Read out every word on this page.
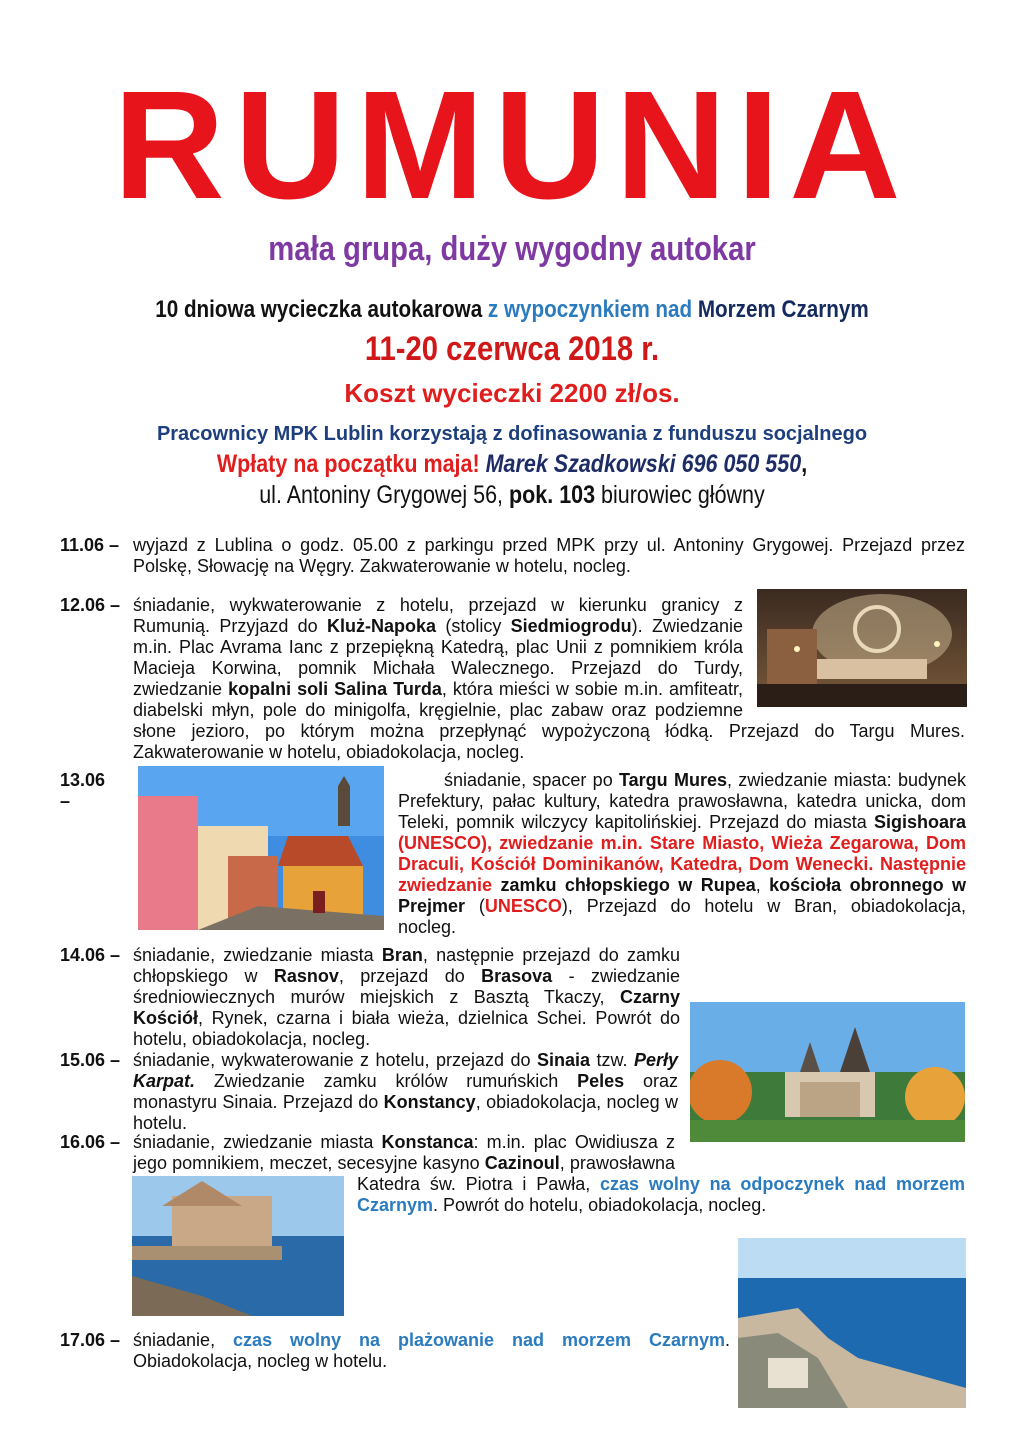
RUMUNIA
mała grupa, duży wygodny autokar
10 dniowa wycieczka autokarowa z wypoczynkiem nad Morzem Czarnym
11-20 czerwca 2018 r.
Koszt wycieczki 2200 zł/os.
Pracownicy MPK Lublin korzystają z dofinasowania z funduszu socjalnego
Wpłaty na początku maja! Marek Szadkowski 696 050 550,
ul. Antoniny Grygowej 56, pok. 103 biurowiec główny
11.06 – wyjazd z Lublina o godz. 05.00 z parkingu przed MPK przy ul. Antoniny Grygowej. Przejazd przez Polskę, Słowację na Węgry. Zakwaterowanie w hotelu, nocleg.
12.06 – śniadanie, wykwaterowanie z hotelu, przejazd w kierunku granicy z Rumunią. Przyjazd do Kluż-Napoka (stolicy Siedmiogrodu). Zwiedzanie m.in. Plac Avrama Ianc z przepiękną Katedrą, plac Unii z pomnikiem króla Macieja Korwina, pomnik Michała Walecznego. Przejazd do Turdy, zwiedzanie kopalni soli Salina Turda, która mieści w sobie m.in. amfiteatr, diabelski młyn, pole do minigolfa, kręgielnie, plac zabaw oraz podziemne słone jezioro, po którym można przepłynąć wypożyczoną łódką. Przejazd do Targu Mures. Zakwaterowanie w hotelu, obiadokolacja, nocleg.
13.06 –
śniadanie, spacer po Targu Mures, zwiedzanie miasta: budynek Prefektury, pałac kultury, katedra prawosławna, katedra unicka, dom Teleki, pomnik wilczycy kapitolińskiej. Przejazd do miasta Sigishoara (UNESCO), zwiedzanie m.in. Stare Miasto, Wieża Zegarowa, Dom Draculi, Kościół Dominikanów, Katedra, Dom Wenecki. Następnie zwiedzanie zamku chłopskiego w Rupea, kościoła obronnego w Prejmer (UNESCO), Przejazd do hotelu w Bran, obiadokolacja, nocleg.
14.06 – śniadanie, zwiedzanie miasta Bran, następnie przejazd do zamku chłopskiego w Rasnov, przejazd do Brasova - zwiedzanie średniowiecznych murów miejskich z Basztą Tkaczy, Czarny Kościół, Rynek, czarna i biała wieża, dzielnica Schei. Powrót do hotelu, obiadokolacja, nocleg.
15.06 – śniadanie, wykwaterowanie z hotelu, przejazd do Sinaia tzw. Perły Karpat. Zwiedzanie zamku królów rumuńskich Peles oraz monastyru Sinaia. Przejazd do Konstancy, obiadokolacja, nocleg w hotelu.
16.06 – śniadanie, zwiedzanie miasta Konstanca: m.in. plac Owidiusza z jego pomnikiem, meczet, secesyjne kasyno Cazinoul, prawosławna Katedra św. Piotra i Pawła, czas wolny na odpoczynek nad morzem Czarnym. Powrót do hotelu, obiadokolacja, nocleg.
17.06 – śniadanie, czas wolny na plażowanie nad morzem Czarnym. Obiadokolacja, nocleg w hotelu.
